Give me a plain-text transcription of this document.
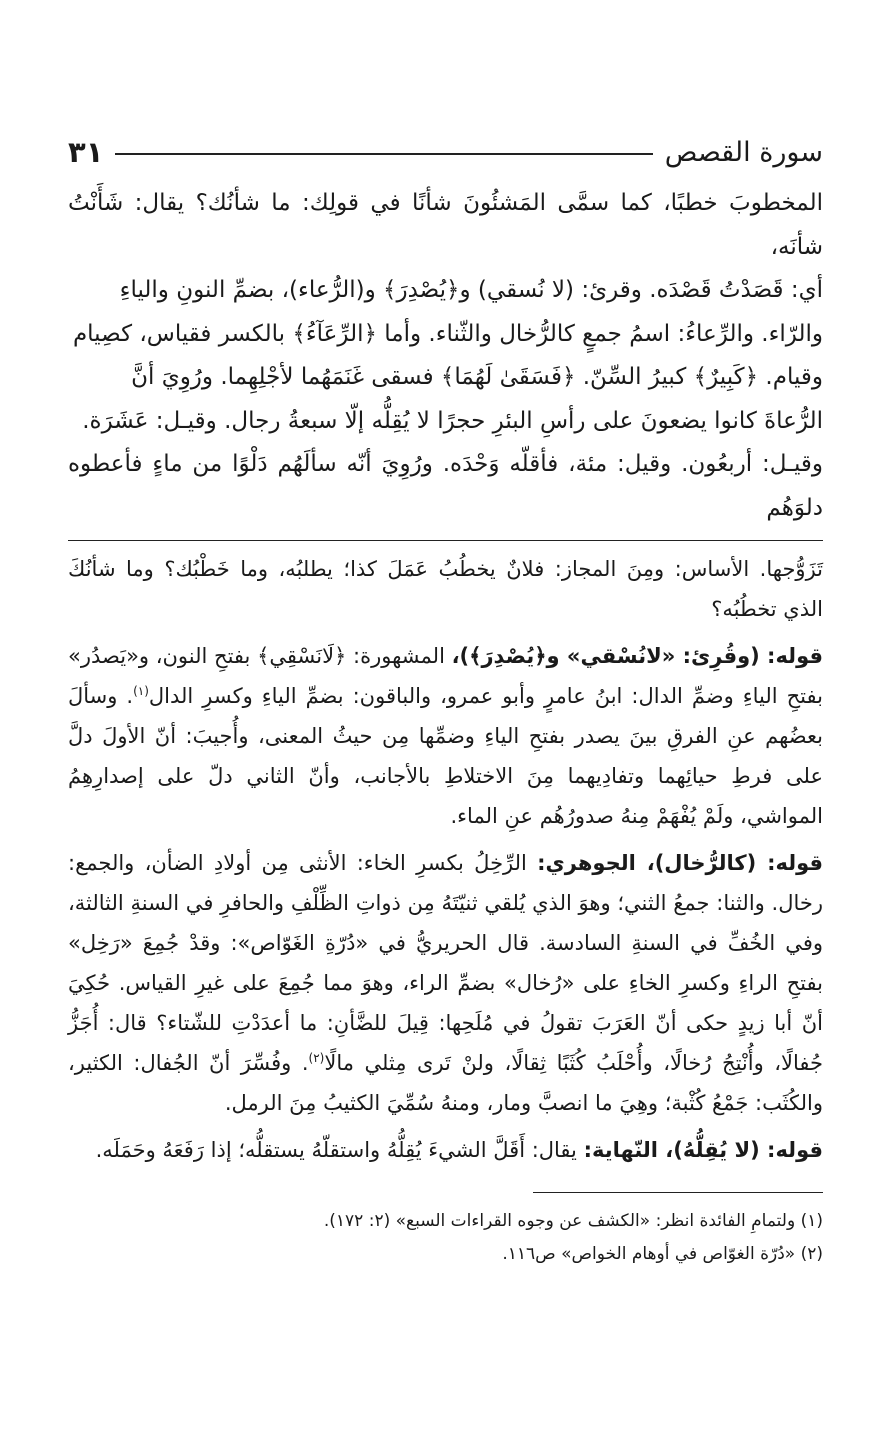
سورة القصص
٣١

المخطوبَ خطبًا، كما سمَّى المَشئُونَ شأنًا في قولِك: ما شأنُك؟ يقال: شَأَنْتُ شأنَه،

أي: قَصَدْتُ قَصْدَه. وقرئ: (لا نُسقي) و﴿يُصْدِرَ﴾ و(الرُّعاء)، بضمِّ النونِ والياءِ

والرّاء. والرِّعاءُ: اسمُ جمعٍ كالرُّخال والثّناء. وأما ﴿الرِّعَآءُ﴾ بالكسر فقياس، كصِيام

وقيام. ﴿كَبِيرٌ﴾ كبيرُ السِّنّ. ﴿فَسَقَىٰ لَهُمَا﴾ فسقى غَنَمَهُما لأجْلِهِما. ورُوِيَ أنَّ

الرُّعاةَ كانوا يضعونَ على رأسِ البئرِ حجرًا لا يُقِلُّه إلّا سبعةُ رجال. وقيـل: عَشَرَة.

وقيـل: أربعُون. وقيل: مئة، فأقلّه وَحْدَه. ورُوِيَ أنّه سألَهُم دَلْوًا من ماءٍ فأعطوه دلوَهُم

تَزَوُّجها. الأساس: ومِنَ المجاز: فلانٌ يخطُبُ عَمَلَ كذا؛ يطلبُه، وما خَطْبُك؟ وما شأنُكَ الذي تخطُبُه؟

قوله: (وقُرِئ: «لانُسْقي» و﴿يُصْدِرَ﴾)، المشهورة: ﴿لَانَسْقِي﴾ بفتحِ النون، و«يَصدُر» بفتحِ الياءِ وضمِّ الدال: ابنُ عامرٍ وأبو عمرو، والباقون: بضمِّ الياءِ وكسرِ الدال$^{(١)}$. وسألَ بعضُهم عنِ الفرقِ بينَ يصدر بفتحِ الياءِ وضمِّها مِن حيثُ المعنى، وأُجيبَ: أنّ الأولَ دلَّ على فرطِ حيائِهما وتفادِيهما مِنَ الاختلاطِ بالأجانب، وأنّ الثاني دلّ على إصدارِهِمُ المواشي، ولَمْ يُفْهَمْ مِنهُ صدورُهُم عنِ الماء.

قوله: (كالرُّخال)، الجوهري: الرِّخِلُ بكسرِ الخاء: الأنثى مِن أولادِ الضأن، والجمع: رخال. والثنا: جمعُ الثني؛ وهوَ الذي يُلقي ثنيّتَهُ مِن ذواتِ الظِّلْفِ والحافرِ في السنةِ الثالثة، وفي الخُفِّ في السنةِ السادسة. قال الحريريُّ في «دُرّةِ الغَوّاص»: وقدْ جُمِعَ «رَخِل» بفتحِ الراءِ وكسرِ الخاءِ على «رُخال» بضمِّ الراء، وهوَ مما جُمِعَ على غيرِ القياس. حُكِيَ أنّ أبا زيدٍ حكى أنّ العَرَبَ تقولُ في مُلَحِها: قِيلَ للضَّأنِ: ما أعدَدْتِ للشّتاء؟ قال: أُجَزُّ جُفالًا، وأُنْتِجُ رُخالًا، وأُحْلَبُ كُثَبًا ثِقالًا، ولنْ تَرى مِثلي مالًا$^{(٢)}$. وفُسِّرَ أنّ الجُفال: الكثير، والكُثَب: جَمْعُ كُثْبة؛ وهِيَ ما انصبَّ ومار، ومنهُ سُمِّيَ الكثيبُ مِنَ الرمل.

قوله: (لا يُقِلُّهُ)، النّهاية: يقال: أَقَلَّ الشيءَ يُقِلُّهُ واستقلّهُ يستقلُّه؛ إذا رَفَعَهُ وحَمَلَه.

(١) ولتمامِ الفائدة انظر: «الكشف عن وجوه القراءات السبع» (٢: ١٧٢).

(٢) «دُرّة الغوّاص في أوهام الخواص» ص١١٦.
